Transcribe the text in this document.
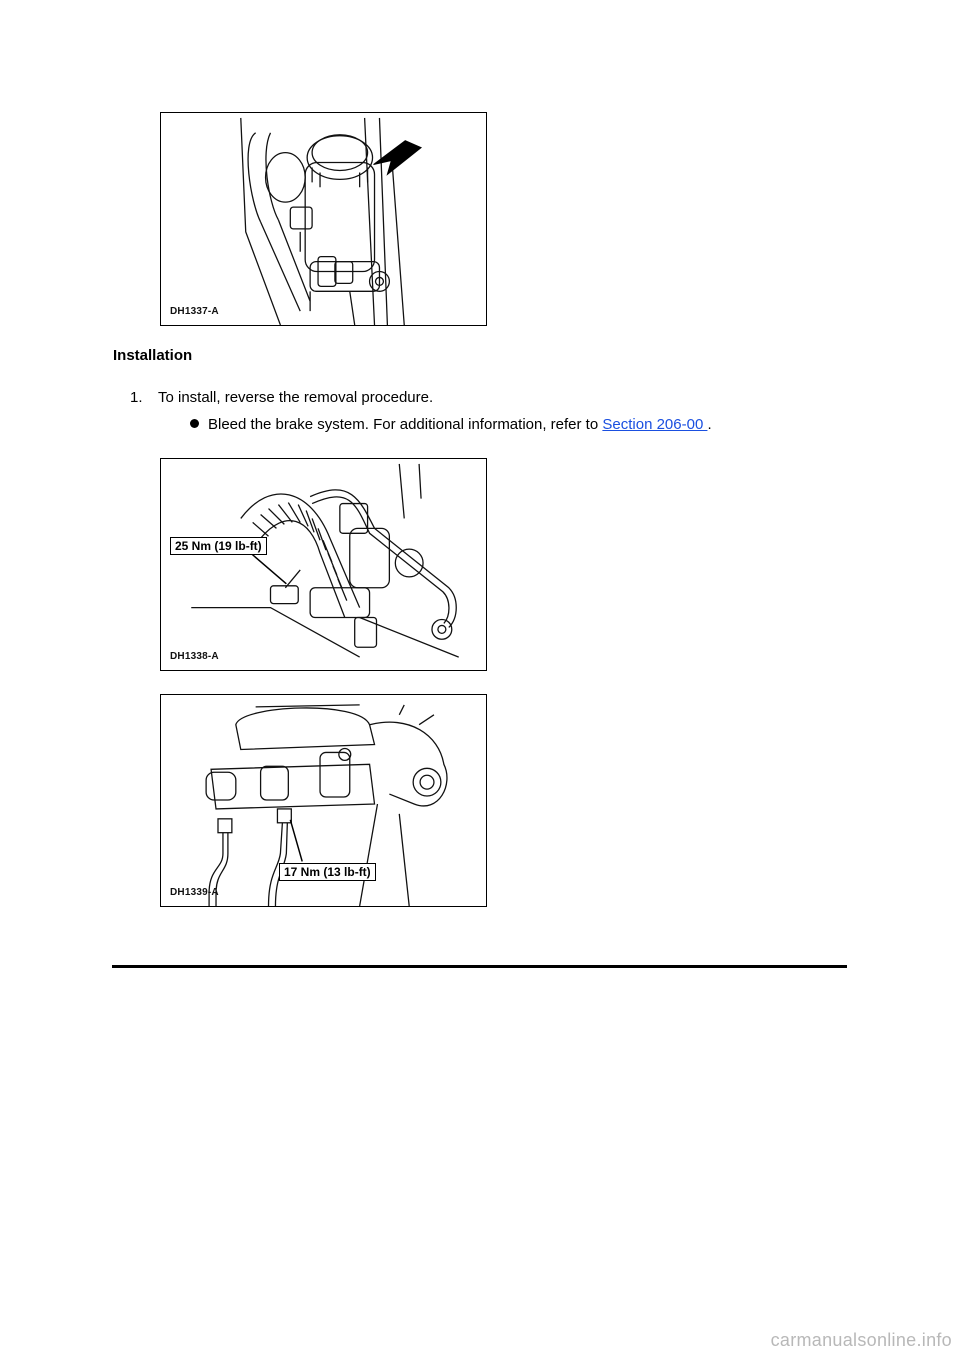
DH1337-A
Installation
1. To install, reverse the removal procedure.
Bleed the brake system. For additional information, refer to Section 206-00 .
25 Nm (19 lb-ft)
DH1338-A
17 Nm (13 lb-ft)
DH1339-A
carmanualsonline.info
